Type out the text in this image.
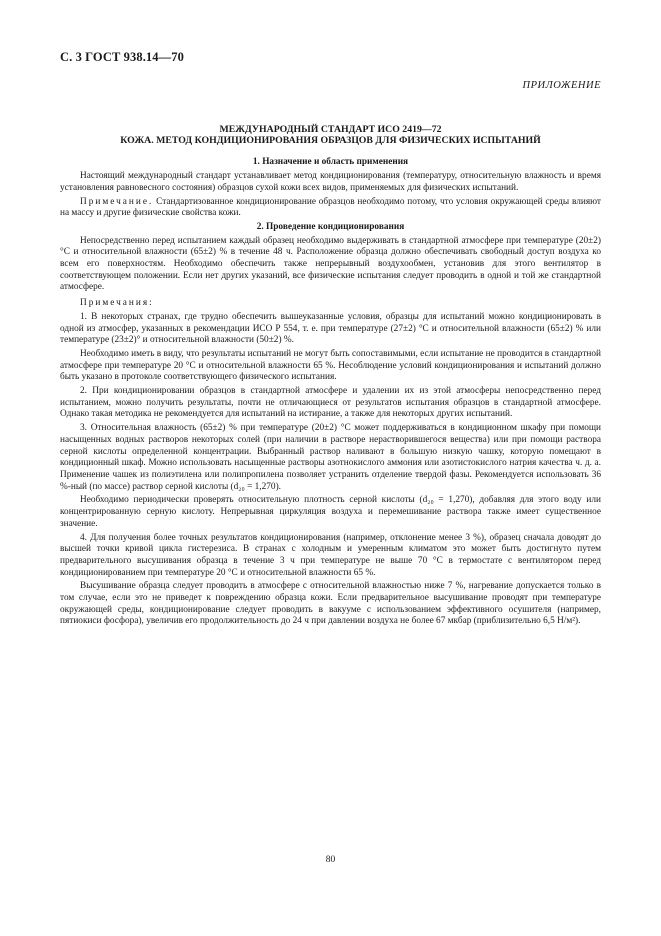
С. 3 ГОСТ 938.14—70
ПРИЛОЖЕНИЕ
МЕЖДУНАРОДНЫЙ СТАНДАРТ ИСО 2419—72
КОЖА. МЕТОД КОНДИЦИОНИРОВАНИЯ ОБРАЗЦОВ ДЛЯ ФИЗИЧЕСКИХ ИСПЫТАНИЙ
1. Назначение и область применения

Настоящий международный стандарт устанавливает метод кондиционирования (температуру, относительную влажность и время установления равновесного состояния) образцов сухой кожи всех видов, применяемых для физических испытаний.

Примечание. Стандартизованное кондиционирование образцов необходимо потому, что условия окружающей среды влияют на массу и другие физические свойства кожи.

2. Проведение кондиционирования

Непосредственно перед испытанием каждый образец необходимо выдерживать в стандартной атмосфере при температуре (20±2) °С и относительной влажности (65±2) % в течение 48 ч. Расположение образца должно обеспечивать свободный доступ воздуха ко всем его поверхностям. Необходимо обеспечить также непрерывный воздухообмен, установив для этого вентилятор в соответствующем положении. Если нет других указаний, все физические испытания следует проводить в одной и той же стандартной атмосфере.

Примечания:

1. В некоторых странах, где трудно обеспечить вышеуказанные условия, образцы для испытаний можно кондиционировать в одной из атмосфер, указанных в рекомендации ИСО Р 554, т. е. при температуре (27±2) °С и относительной влажности (65±2) % или температуре (23±2)° и относительной влажности (50±2) %.

Необходимо иметь в виду, что результаты испытаний не могут быть сопоставимыми, если испытание не проводится в стандартной атмосфере при температуре 20 °С и относительной влажности 65 %. Несоблюдение условий кондиционирования и испытаний должно быть указано в протоколе соответствующего физического испытания.

2. При кондиционировании образцов в стандартной атмосфере и удалении их из этой атмосферы непосредственно перед испытанием, можно получить результаты, почти не отличающиеся от результатов испытания образцов в стандартной атмосфере. Однако такая методика не рекомендуется для испытаний на истирание, а также для некоторых других испытаний.

3. Относительная влажность (65±2) % при температуре (20±2) °С может поддерживаться в кондиционном шкафу при помощи насыщенных водных растворов некоторых солей (при наличии в растворе нерастворившегося вещества) или при помощи раствора серной кислоты определенной концентрации. Выбранный раствор наливают в большую низкую чашку, которую помещают в кондиционный шкаф. Можно использовать насыщенные растворы азотнокислого аммония или азотистокислого натрия качества ч. д. а. Применение чашек из полиэтилена или полипропилена позволяет устранить отделение твердой фазы. Рекомендуется использовать 36 %-ный (по массе) раствор серной кислоты (d₂₀ = 1,270).

Необходимо периодически проверять относительную плотность серной кислоты (d₂₀ = 1,270), добавляя для этого воду или концентрированную серную кислоту. Непрерывная циркуляция воздуха и перемешивание раствора также имеет существенное значение.

4. Для получения более точных результатов кондиционирования (например, отклонение менее 3 %), образец сначала доводят до высшей точки кривой цикла гистерезиса. В странах с холодным и умеренным климатом это может быть достигнуто путем предварительного высушивания образца в течение 3 ч при температуре не выше 70 °С в термостате с вентилятором перед кондиционированием при температуре 20 °С и относительной влажности 65 %.

Высушивание образца следует проводить в атмосфере с относительной влажностью ниже 7 %, нагревание допускается только в том случае, если это не приведет к повреждению образца кожи. Если предварительное высушивание проводят при температуре окружающей среды, кондиционирование следует проводить в вакууме с использованием эффективного осушителя (например, пятиокиси фосфора), увеличив его продолжительность до 24 ч при давлении воздуха не более 67 мкбар (приблизительно 6,5 Н/м²).

80
